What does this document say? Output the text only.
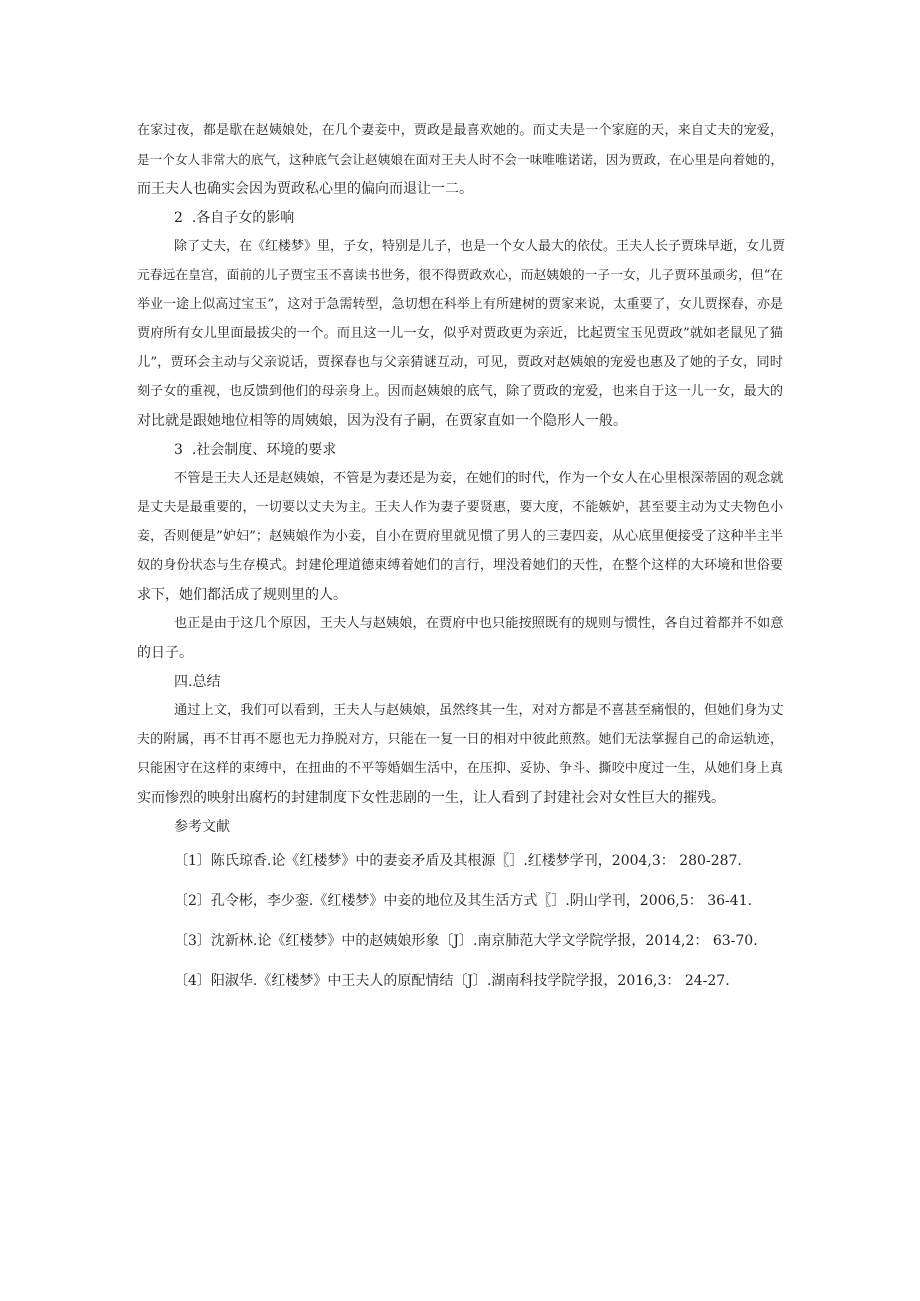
在家过夜，都是歇在赵姨娘处，在几个妻妾中，贾政是最喜欢她的。而丈夫是一个家庭的天，来自丈夫的宠爱，
是一个女人非常大的底气，这种底气会让赵姨娘在面对王夫人时不会一味唯唯诺诺，因为贾政，在心里是向着她的，
而王夫人也确实会因为贾政私心里的偏向而退让一二。
2	.各自子女的影响
除了丈夫，在《红楼梦》里，子女，特别是儿子，也是一个女人最大的依仗。王夫人长子贾珠早逝，女儿贾
元春远在皇宫，面前的儿子贾宝玉不喜读书世务，很不得贾政欢心，而赵姨娘的一子一女，儿子贾环虽顽劣，但“在
举业一途上似高过宝玉”，这对于急需转型，急切想在科举上有所建树的贾家来说，太重要了，女儿贾探春，亦是
贾府所有女儿里面最拔尖的一个。而且这一儿一女，似乎对贾政更为亲近，比起贾宝玉见贾政”就如老鼠见了猫
儿”，贾环会主动与父亲说话，贾探春也与父亲猜谜互动，可见，贾政对赵姨娘的宠爱也惠及了她的子女，同时
刻子女的重视，也反馈到他们的母亲身上。因而赵姨娘的底气，除了贾政的宠爱，也来自于这一儿一女，最大的
对比就是跟她地位相等的周姨娘，因为没有子嗣，在贾家直如一个隐形人一般。
3	.社会制度、环境的要求
不管是王夫人还是赵姨娘，不管是为妻还是为妾，在她们的时代，作为一个女人在心里根深蒂固的观念就
是丈夫是最重要的，一切要以丈夫为主。王夫人作为妻子要贤惠，要大度，不能嫉妒，甚至要主动为丈夫物色小
妾，否则便是”妒妇”；赵姨娘作为小妾，自小在贾府里就见惯了男人的三妻四妾，从心底里便接受了这种半主半
奴的身份状态与生存模式。封建伦理道德束缚着她们的言行，埋没着她们的天性，在整个这样的大环境和世俗要
求下，她们都活成了规则里的人。
也正是由于这几个原因，王夫人与赵姨娘，在贾府中也只能按照既有的规则与惯性，各自过着都并不如意
的日子。
四.总结
通过上文，我们可以看到，王夫人与赵姨娘，虽然终其一生，对对方都是不喜甚至痛恨的，但她们身为丈
夫的附属，再不甘再不愿也无力挣脱对方，只能在一复一日的相对中彼此煎熬。她们无法掌握自己的命运轨迹，
只能困守在这样的束缚中，在扭曲的不平等婚姻生活中，在压抑、妥协、争斗、撕咬中度过一生，从她们身上真
实而惨烈的映射出腐朽的封建制度下女性悲剧的一生，让人看到了封建社会对女性巨大的摧残。
参考文献
〔1〕陈氏琼香.论《红楼梦》中的妻妾矛盾及其根源〖］.红楼梦学刊，2004,3： 280-287.
〔2〕孔令彬，李少銮.《红楼梦》中妾的地位及其生活方式〖］.阴山学刊，2006,5： 36-41.
〔3〕沈新林.论《红楼梦》中的赵姨娘形象〔J〕.南京肺范大学文学院学报，2014,2： 63-70.
〔4〕阳淑华.《红楼梦》中王夫人的原配情结〔J〕.湖南科技学院学报，2016,3： 24-27.
